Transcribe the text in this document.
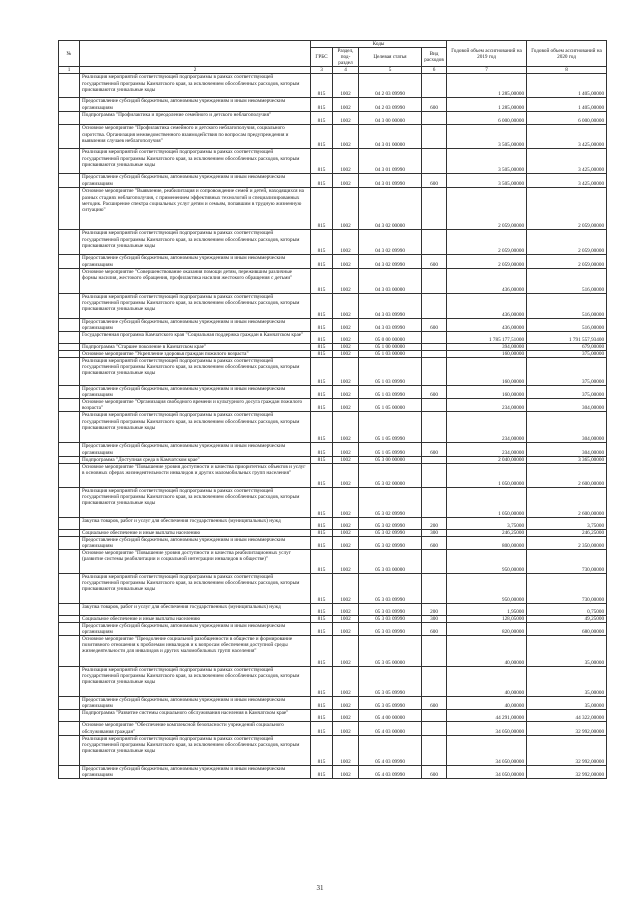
№		Коды				Годовой объем ассигнований на 2019 год	Годовой объем ассигнований на 2020 год
		ГРБС	Раздел, под-раздел	Целевая статья	Вид расходов		
1	2	3	4	5	6	7	8
	Реализация мероприятий соответствующей подпрограммы в рамках соответствующей государственной программы Камчатского края, за исключением обособленных расходов, которым присваиваются уникальные коды	815	1002	04 2 03 09990		1 285,00000	1 405,00000
	Предоставление субсидий бюджетным, автономным учреждениям и иным некоммерческим организациям	815	1002	04 2 03 09990	600	1 285,00000	1 405,00000
	Подпрограмма "Профилактика и преодоление семейного и детского неблагополучия"	815	1002	04 3 00 00000		6 000,00000	6 000,00000
	Основное мероприятие "Профилактика семейного и детского неблагополучия, социального сиротства. Организация межведомственного взаимодействия по вопросам предупреждения и выявления случаев неблагополучия"	815	1002	04 3 01 00000		3 505,00000	3 425,00000
	Реализация мероприятий соответствующей подпрограммы в рамках соответствующей государственной программы Камчатского края, за исключением обособленных расходов, которым присваиваются уникальные коды	815	1002	04 3 01 09990		3 505,00000	3 425,00000
	Предоставление субсидий бюджетным, автономным учреждениям и иным некоммерческим организациям	815	1002	04 3 01 09990	600	3 505,00000	3 425,00000
	Основное мероприятие "Выявление, реабилитация и сопровождение семей и детей, находящихся на разных стадиях неблагополучия, с применением эффективных технологий и специализированных методик. Расширение спектра социальных услуг детям и семьям, попавшим в трудную жизненную ситуацию"	815	1002	04 3 02 00000		2 059,00000	2 059,00000
	Реализация мероприятий соответствующей подпрограммы в рамках соответствующей государственной программы Камчатского края, за исключением обособленных расходов, которым присваиваются уникальные коды	815	1002	04 3 02 09990		2 059,00000	2 059,00000
	Предоставление субсидий бюджетным, автономным учреждениям и иным некоммерческим организациям	815	1002	04 3 02 09990	600	2 059,00000	2 059,00000
	Основное мероприятие "Совершенствование оказания помощи детям, пережившим различные формы насилия, жестокого обращения, профилактика насилия жестокого обращения с детьми"	815	1002	04 3 03 00000		436,00000	516,00000
	Реализация мероприятий соответствующей подпрограммы в рамках соответствующей государственной программы Камчатского края, за исключением обособленных расходов, которым присваиваются уникальные коды	815	1002	04 3 03 09990		436,00000	516,00000
	Предоставление субсидий бюджетным, автономным учреждениям и иным некоммерческим организациям	815	1002	04 3 03 09990	600	436,00000	516,00000
	Государственная программа Камчатского края "Социальная поддержка граждан в Камчатском крае"	815	1002	05 0 00 00000		1 785 177,51000	1 791 557,93400
	Подпрограмма "Старшее поколение в Камчатском крае"	815	1002	05 1 00 00000		394,00000	679,00000
	Основное мероприятие "Укрепление здоровья граждан пожилого возраста"	815	1002	05 1 03 00000		160,00000	375,00000
	Реализация мероприятий соответствующей подпрограммы в рамках соответствующей государственной программы Камчатского края, за исключением обособленных расходов, которым присваиваются уникальные коды	815	1002	05 1 03 09990		160,00000	375,00000
	Предоставление субсидий бюджетным, автономным учреждениям и иным некоммерческим организациям	815	1002	05 1 03 09990	600	160,00000	375,00000
	Основное мероприятие "Организация свободного времени и культурного досуга граждан пожилого возраста"	815	1002	05 1 05 00000		234,00000	304,00000
	Реализация мероприятий соответствующей подпрограммы в рамках соответствующей государственной программы Камчатского края, за исключением обособленных расходов, которым присваиваются уникальные коды	815	1002	05 1 05 09990		234,00000	304,00000
	Предоставление субсидий бюджетным, автономным учреждениям и иным некоммерческим организациям	815	1002	05 1 05 09990	600	234,00000	304,00000
	Подпрограмма "Доступная среда в Камчатском крае"	815	1002	05 3 00 00000		2 040,00000	3 365,00000
	Основное мероприятие "Повышение уровня доступности и качества приоритетных объектов и услуг в основных сферах жизнедеятельности инвалидов и других маломобильных групп населения"	815	1002	05 3 02 00000		1 050,00000	2 600,00000
	Реализация мероприятий соответствующей подпрограммы в рамках соответствующей государственной программы Камчатского края, за исключением обособленных расходов, которым присваиваются уникальные коды	815	1002	05 3 02 09990		1 050,00000	2 600,00000
	Закупка товаров, работ и услуг для обеспечения государственных (муниципальных) нужд	815	1002	05 3 02 09990	200	3,75000	3,75000
	Социальное обеспечение и иные выплаты населению	815	1002	05 3 02 09990	300	246,25000	246,25000
	Предоставление субсидий бюджетным, автономным учреждениям и иным некоммерческим организациям	815	1002	05 3 02 09990	600	800,00000	2 350,00000
	Основное мероприятие "Повышение уровня доступности и качества реабилитационных услуг (развитие системы реабилитации и социальной интеграции инвалидов в обществе)"	815	1002	05 3 03 00000		950,00000	730,00000
	Реализация мероприятий соответствующей подпрограммы в рамках соответствующей государственной программы Камчатского края, за исключением обособленных расходов, которым присваиваются уникальные коды	815	1002	05 3 03 09990		950,00000	730,00000
	Закупка товаров, работ и услуг для обеспечения государственных (муниципальных) нужд	815	1002	05 3 03 09990	200	1,95000	0,75000
	Социальное обеспечение и иные выплаты населению	815	1002	05 3 03 09990	300	128,05000	49,25000
	Предоставление субсидий бюджетным, автономным учреждениям и иным некоммерческим организациям	815	1002	05 3 03 09990	600	820,00000	680,00000
	Основное мероприятие "Преодоление социальной разобщенности в обществе и формирование позитивного отношения к проблемам инвалидов и к вопросам обеспечения доступной среды жизнедеятельности для инвалидов и других маломобильных групп населения"	815	1002	05 3 05 00000		40,00000	35,00000
	Реализация мероприятий соответствующей подпрограммы в рамках соответствующей государственной программы Камчатского края, за исключением обособленных расходов, которым присваиваются уникальные коды	815	1002	05 3 05 09990		40,00000	35,00000
	Предоставление субсидий бюджетным, автономным учреждениям и иным некоммерческим организациям	815	1002	05 3 05 09990	600	40,00000	35,00000
	Подпрограмма "Развитие системы социального обслуживания населения в Камчатском крае"	815	1002	05 4 00 00000		44 291,00000	44 322,00000
	Основное мероприятие "Обеспечение комплексной безопасности учреждений социального обслуживания граждан"	815	1002	05 4 03 00000		34 050,00000	32 992,00000
	Реализация мероприятий соответствующей подпрограммы в рамках соответствующей государственной программы Камчатского края, за исключением обособленных расходов, которым присваиваются уникальные коды	815	1002	05 4 03 09990		34 050,00000	32 992,00000
	Предоставление субсидий бюджетным, автономным учреждениям и иным некоммерческим организациям	815	1002	05 4 03 09990	600	34 050,00000	32 992,00000
31
